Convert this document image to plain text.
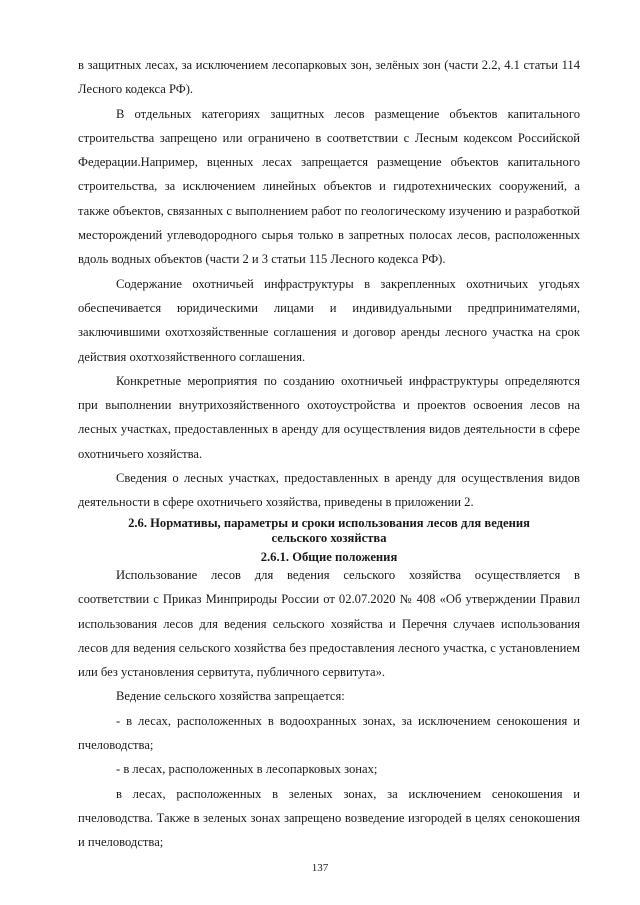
в защитных лесах, за исключением лесопарковых зон, зелёных зон (части 2.2, 4.1 статьи 114 Лесного кодекса РФ).

В отдельных категориях защитных лесов размещение объектов капитального строительства запрещено или ограничено в соответствии с Лесным кодексом Российской Федерации.Например, вценных лесах запрещается размещение объектов капитального строительства, за исключением линейных объектов и гидротехнических сооружений, а также объектов, связанных с выполнением работ по геологическому изучению и разработкой месторождений углеводородного сырья только в запретных полосах лесов, расположенных вдоль водных объектов (части 2 и 3 статьи 115 Лесного кодекса РФ).

Содержание охотничьей инфраструктуры в закрепленных охотничьих угодьях обеспечивается юридическими лицами и индивидуальными предпринимателями, заключившими охотхозяйственные соглашения и договор аренды лесного участка на срок действия охотхозяйственного соглашения.

Конкретные мероприятия по созданию охотничьей инфраструктуры определяются при выполнении внутрихозяйственного охотоустройства и проектов освоения лесов на лесных участках, предоставленных в аренду для осуществления видов деятельности в сфере охотничьего хозяйства.

Сведения о лесных участках, предоставленных в аренду для осуществления видов деятельности в сфере охотничьего хозяйства, приведены в приложении 2.

2.6. Нормативы, параметры и сроки использования лесов для ведения сельского хозяйства

2.6.1. Общие положения

Использование лесов для ведения сельского хозяйства осуществляется в соответствии с Приказ Минприроды России от 02.07.2020 № 408 «Об утверждении Правил использования лесов для ведения сельского хозяйства и Перечня случаев использования лесов для ведения сельского хозяйства без предоставления лесного участка, с установлением или без установления сервитута, публичного сервитута».

Ведение сельского хозяйства запрещается:

- в лесах, расположенных в водоохранных зонах, за исключением сенокошения и пчеловодства;

- в лесах, расположенных в лесопарковых зонах;

в лесах, расположенных в зеленых зонах, за исключением сенокошения и пчеловодства. Также в зеленых зонах запрещено возведение изгородей в целях сенокошения и пчеловодства;

137
